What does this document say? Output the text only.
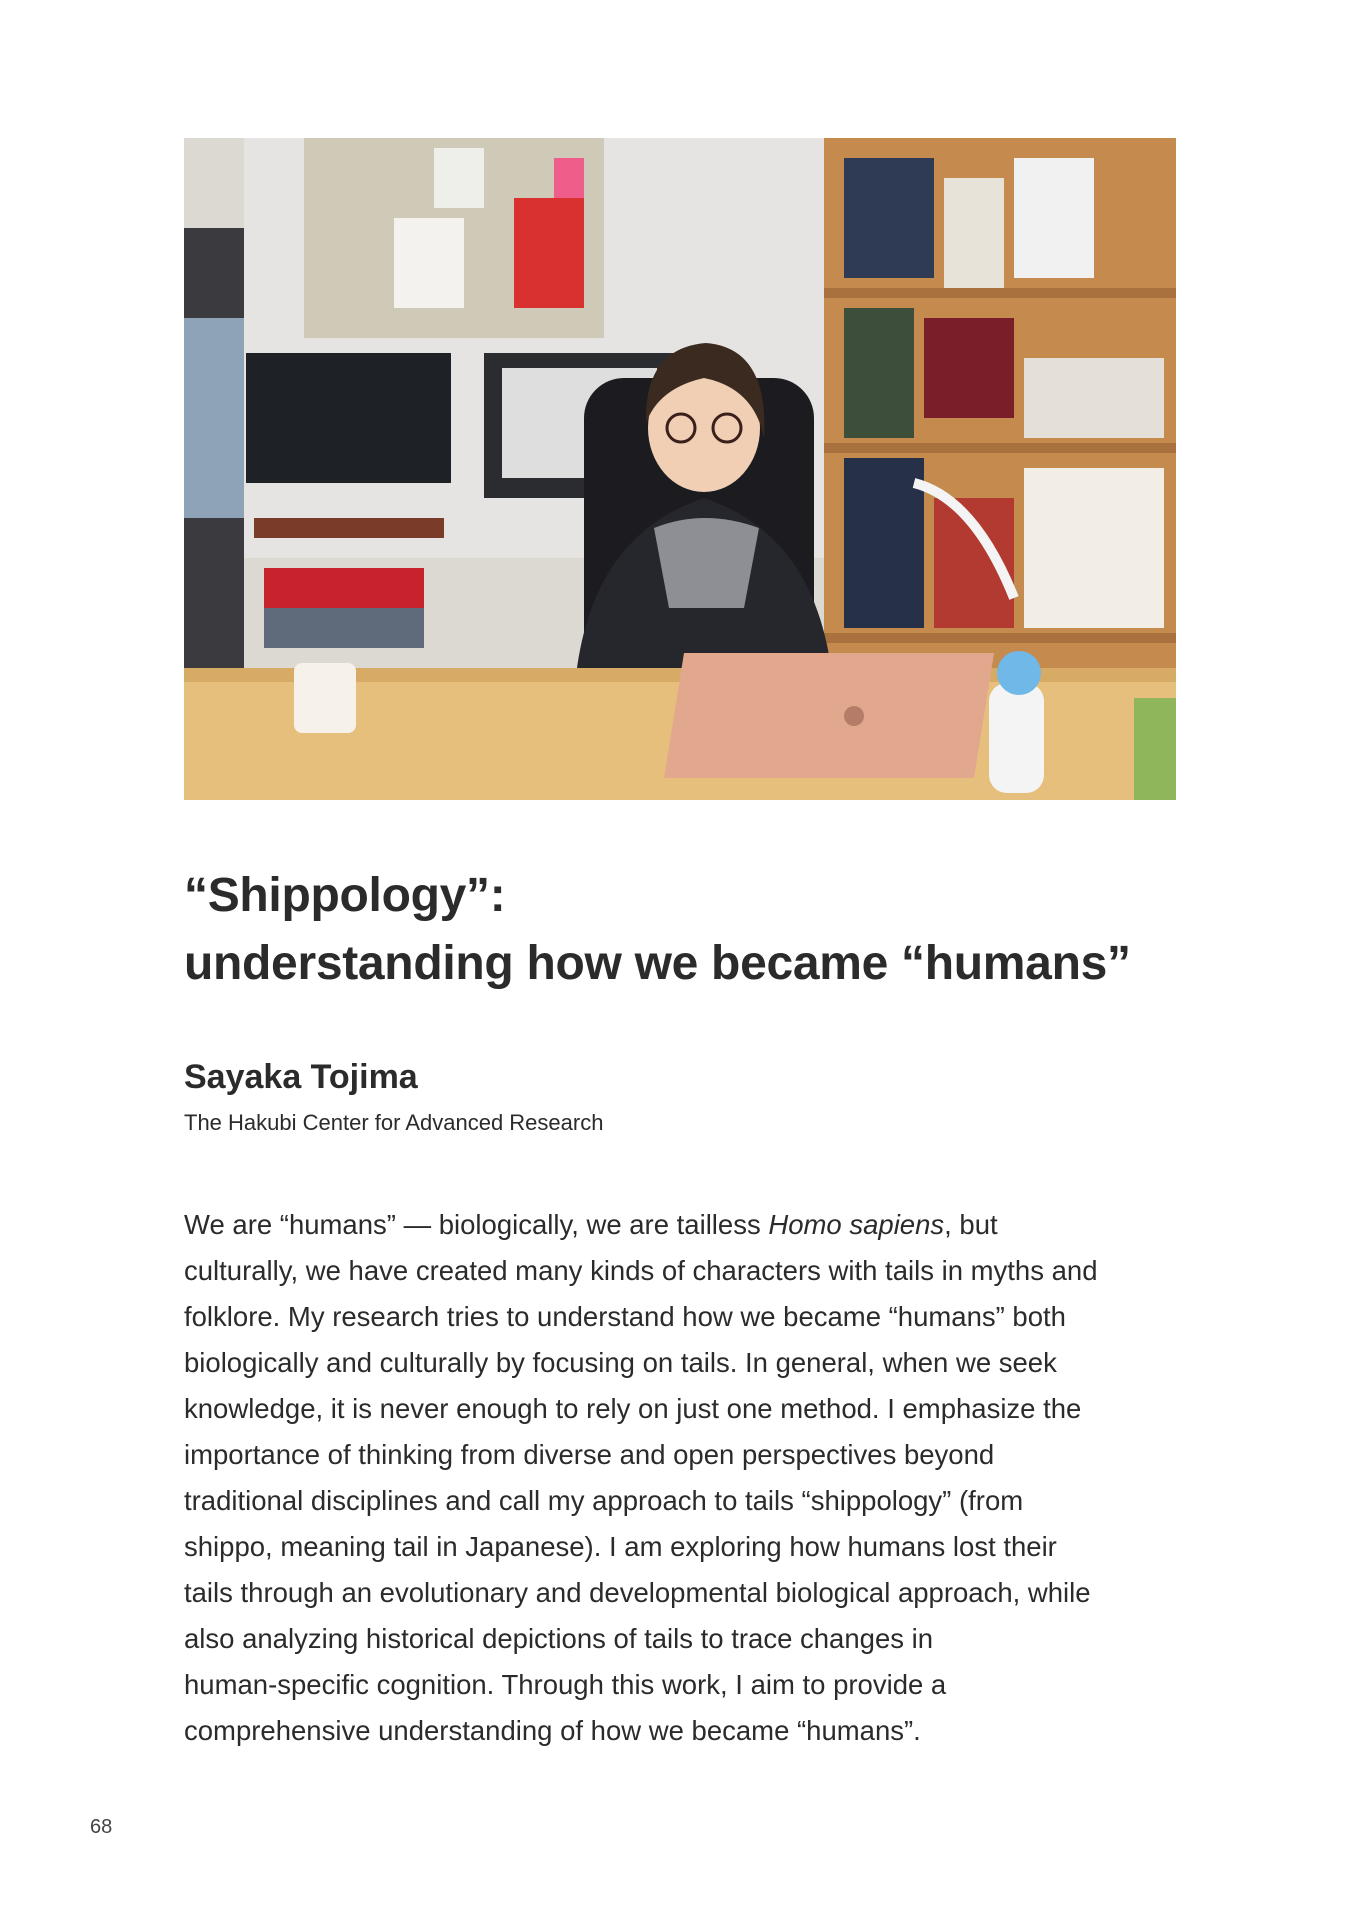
“Shippology”:
understanding how we became “humans”

Sayaka Tojima

The Hakubi Center for Advanced Research

We are “humans” — biologically, we are tailless Homo sapiens, but
culturally, we have created many kinds of characters with tails in myths and
folklore. My research tries to understand how we became “humans” both
biologically and culturally by focusing on tails. In general, when we seek
knowledge, it is never enough to rely on just one method. I emphasize the
importance of thinking from diverse and open perspectives beyond
traditional disciplines and call my approach to tails “shippology” (from
shippo, meaning tail in Japanese). I am exploring how humans lost their
tails through an evolutionary and developmental biological approach, while
also analyzing historical depictions of tails to trace changes in
human-specific cognition. Through this work, I aim to provide a
comprehensive understanding of how we became “humans”.
68
